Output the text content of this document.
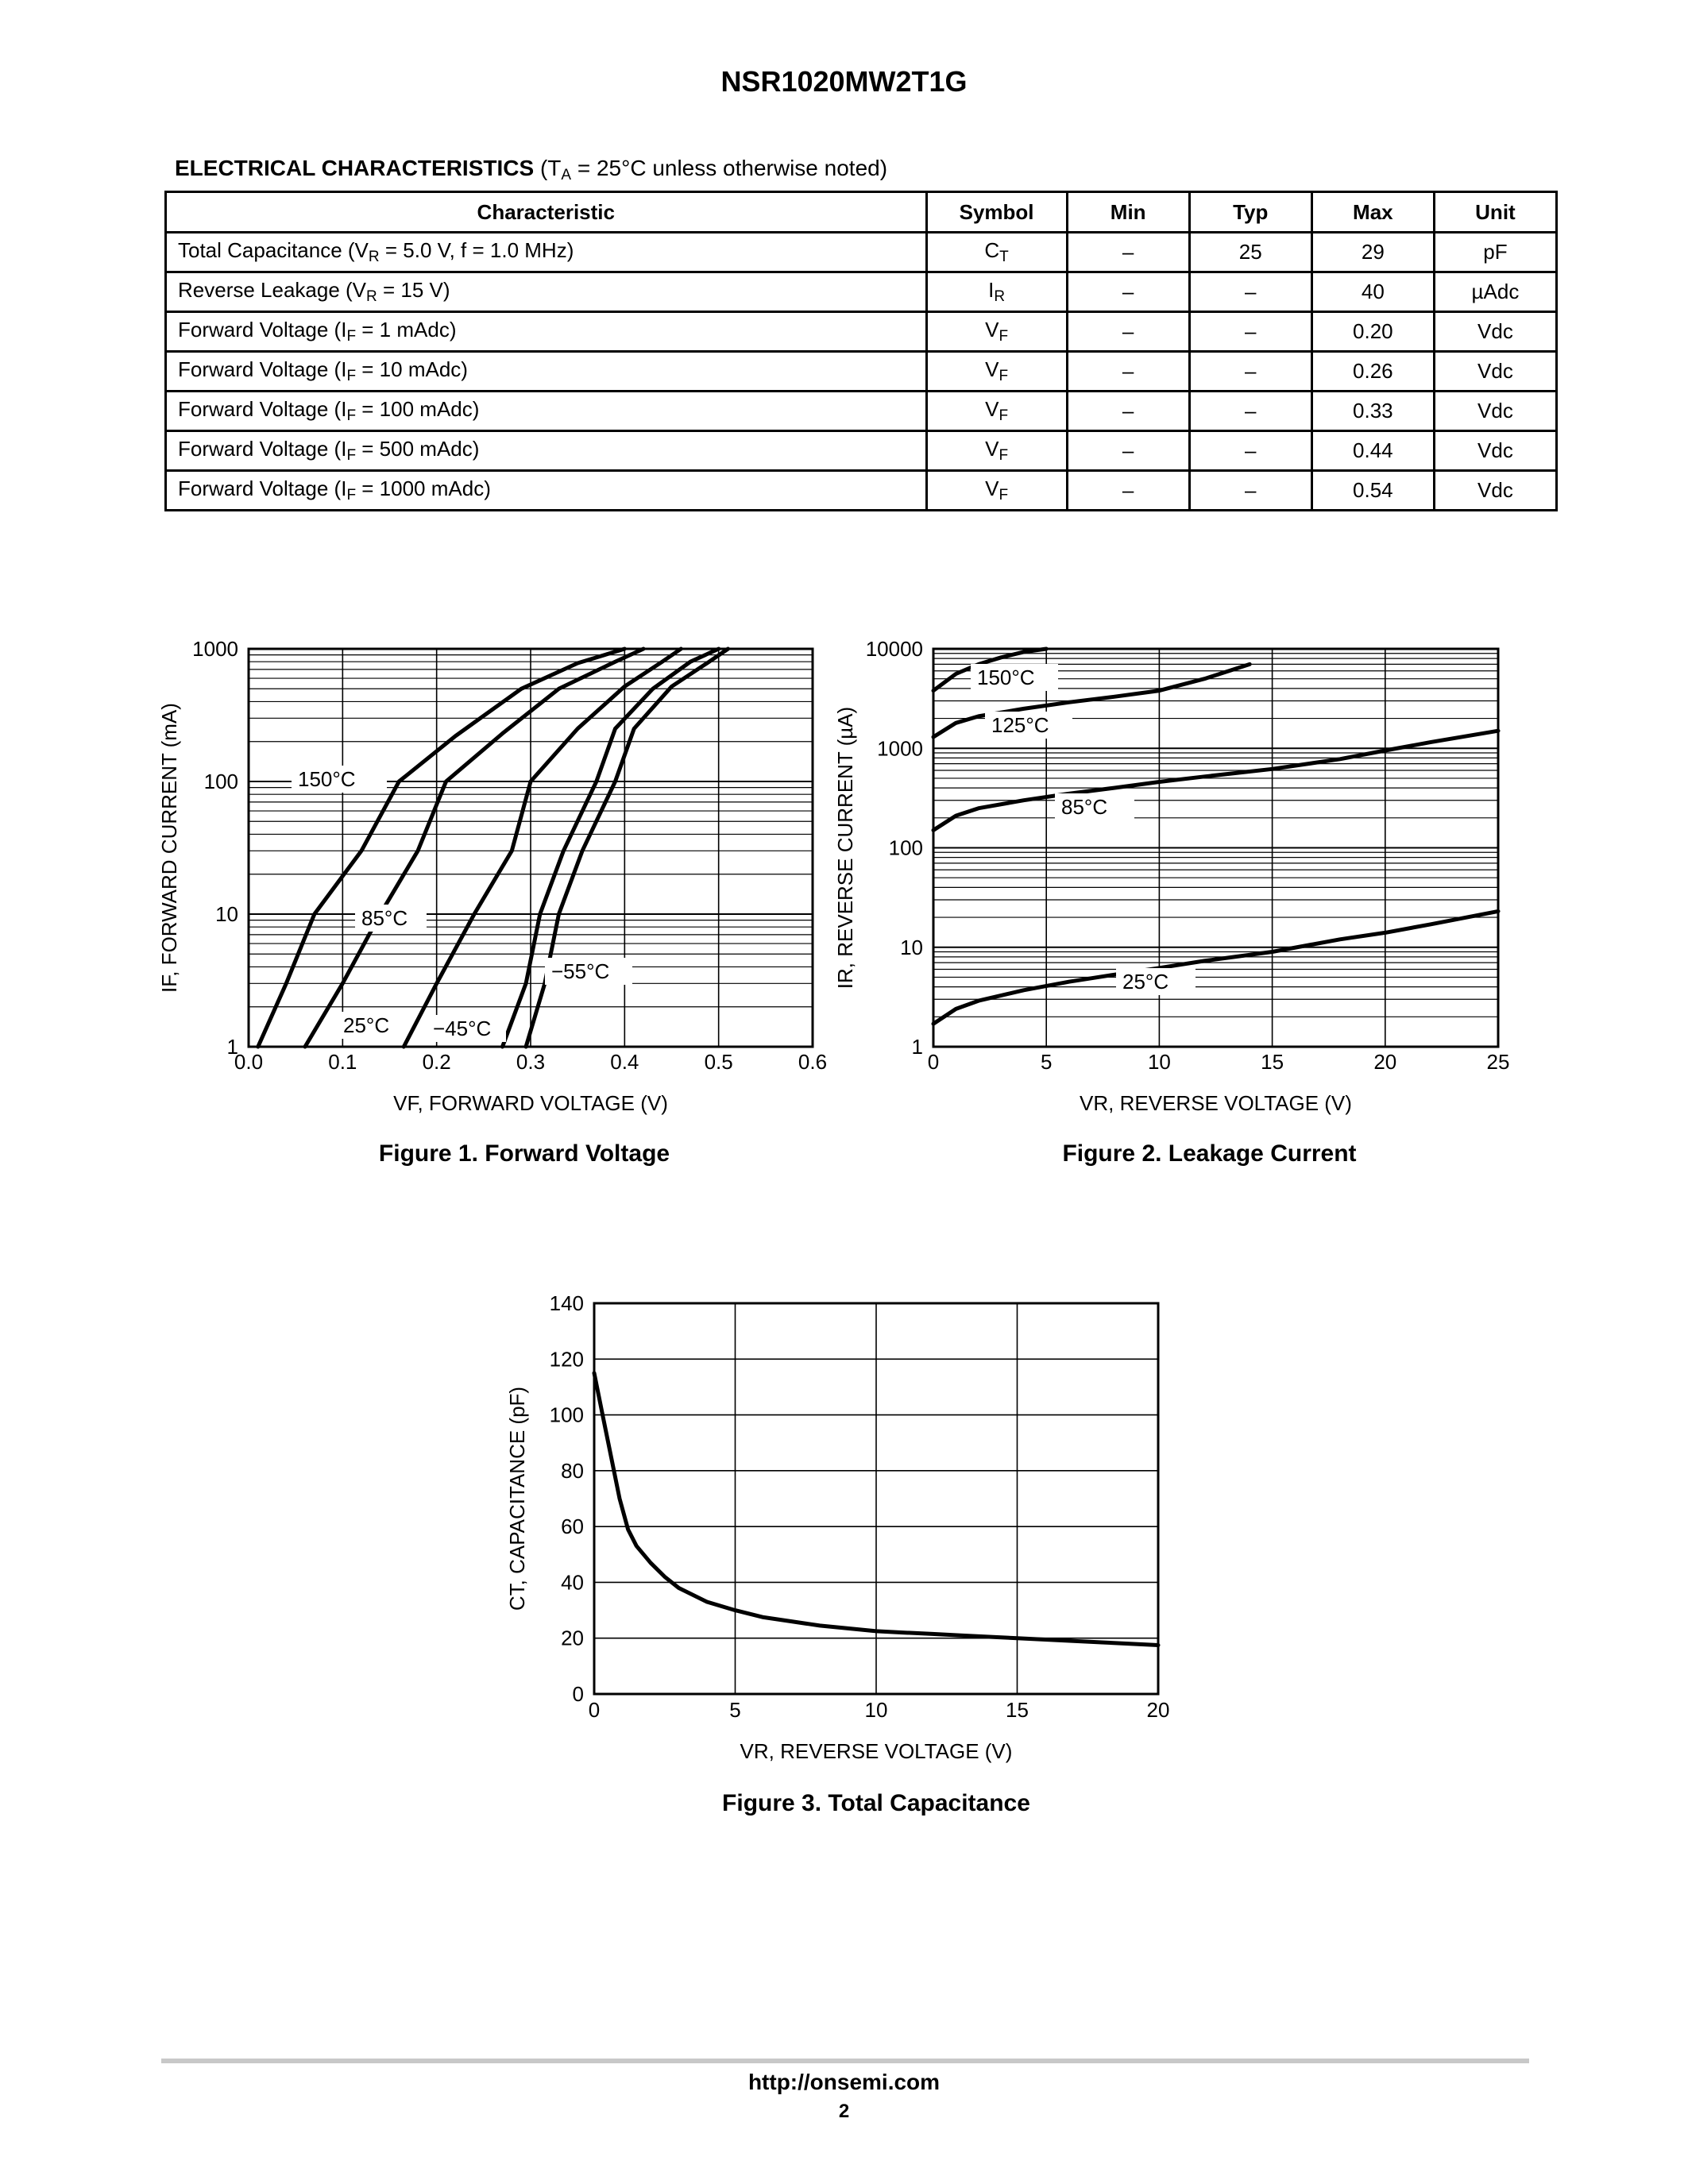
NSR1020MW2T1G
ELECTRICAL CHARACTERISTICS ($T_A = 25^\circ C$ unless otherwise noted)
Characteristic	Symbol	Min	Typ	Max	Unit
Total Capacitance ($V_R = 5.0$ V, f = 1.0 MHz)	$C_T$	–	25	29	pF
Reverse Leakage ($V_R = 15$ V)	$I_R$	–	–	40	µAdc
Forward Voltage ($I_F = 1$ mAdc)	$V_F$	–	–	0.20	Vdc
Forward Voltage ($I_F = 10$ mAdc)	$V_F$	–	–	0.26	Vdc
Forward Voltage ($I_F = 100$ mAdc)	$V_F$	–	–	0.33	Vdc
Forward Voltage ($I_F = 500$ mAdc)	$V_F$	–	–	0.44	Vdc
Forward Voltage ($I_F = 1000$ mAdc)	$V_F$	–	–	0.54	Vdc
0.0	0.1	0.2	0.3	0.4	0.5	0.6
1
10
100
1000
VF, FORWARD VOLTAGE (V)
IF, FORWARD CURRENT (mA)	150°C
85°C
25°C −45°C
−55°C
Figure 1. Forward Voltage
0	5	10	15	20	25
1
10
100
1000
10000
VR, REVERSE VOLTAGE (V)
IR, REVERSE CURRENT (µA)
150°C
125°C
85°C
25°C
Figure 2. Leakage Current
0	5	10	15	20
0
20
40
60
80
100
120
140
VR, REVERSE VOLTAGE (V)
CT, CAPACITANCE (pF)
Figure 3. Total Capacitance
http://onsemi.com
2
